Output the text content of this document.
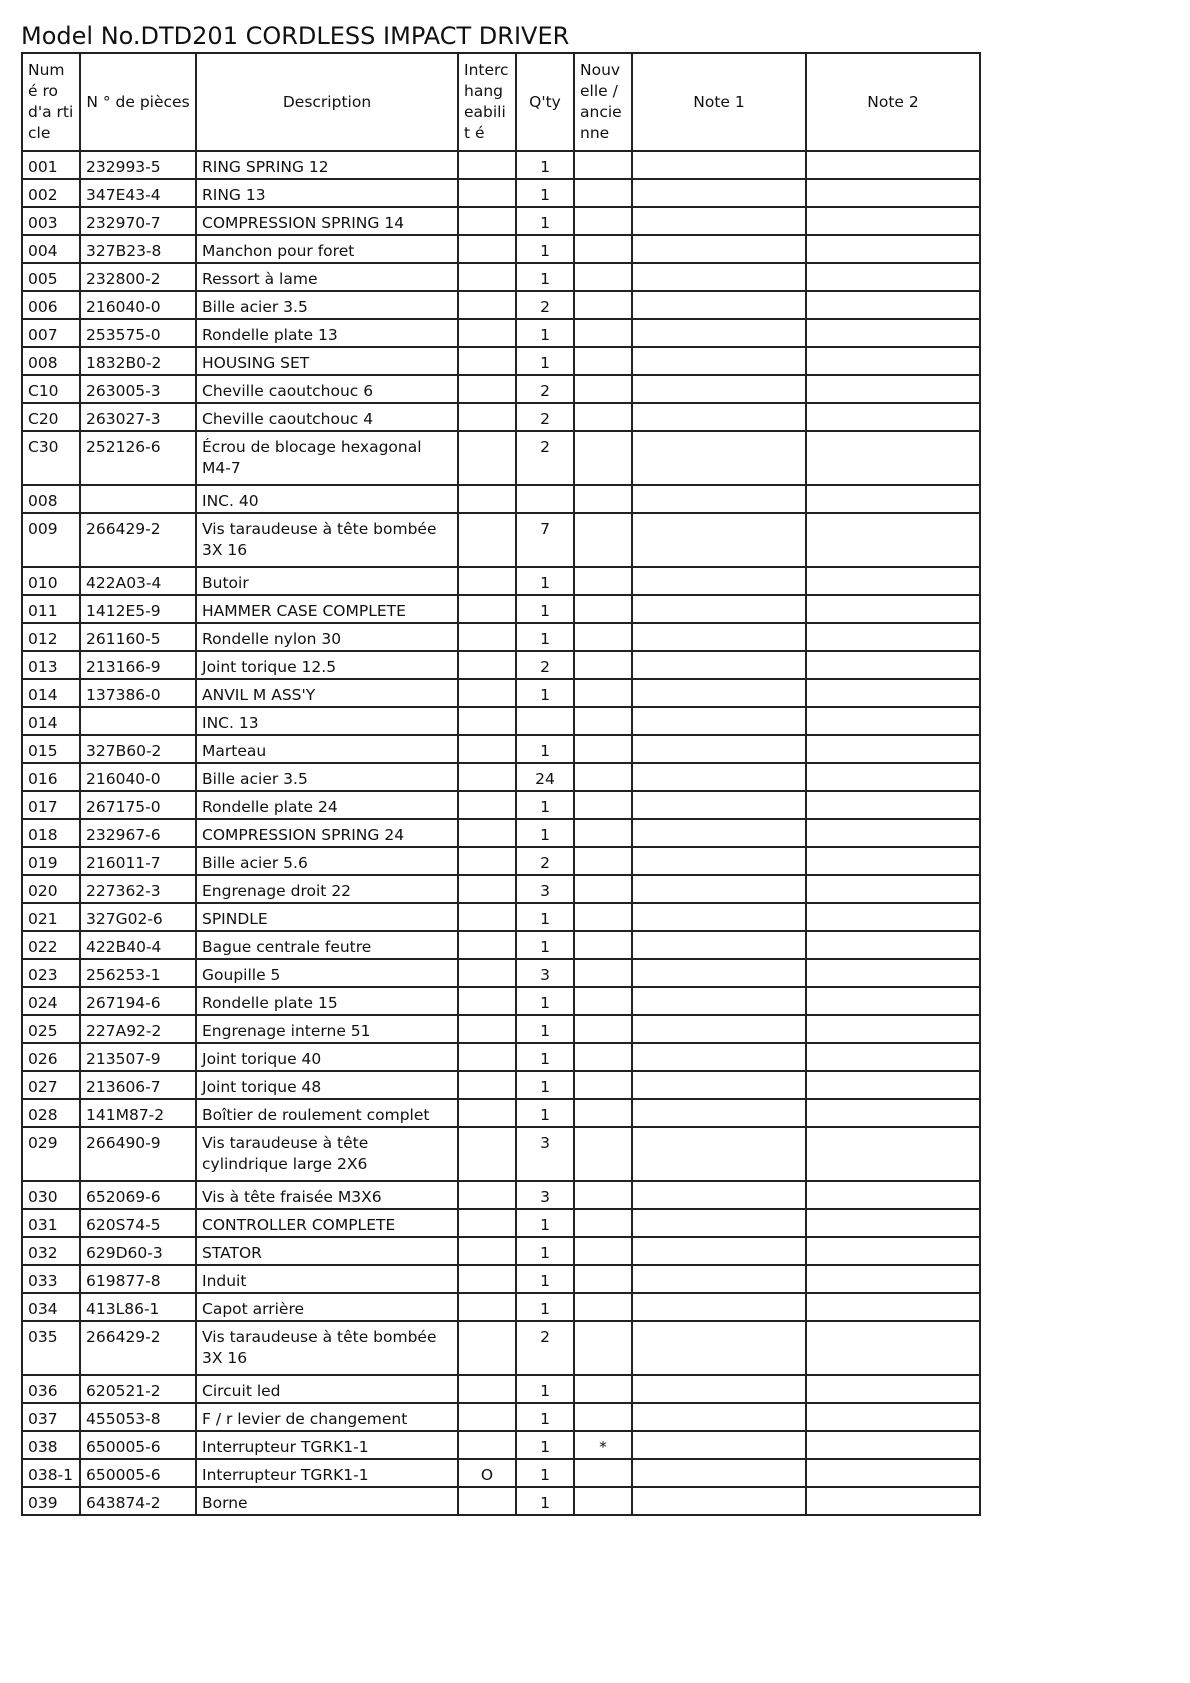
Model No.DTD201 CORDLESS IMPACT DRIVER
Numé ro d'a rticle	N ° de pièces	Description	Interc hang eabilit é	Q'ty	Nouv elle / ancie nne	Note 1	Note 2
001	232993-5	RING SPRING 12		1			
002	347E43-4	RING 13		1			
003	232970-7	COMPRESSION SPRING 14		1			
004	327B23-8	Manchon pour foret		1			
005	232800-2	Ressort à lame		1			
006	216040-0	Bille acier 3.5		2			
007	253575-0	Rondelle plate 13		1			
008	1832B0-2	HOUSING SET		1			
C10	263005-3	Cheville caoutchouc 6		2			
C20	263027-3	Cheville caoutchouc 4		2			
C30	252126-6	Écrou de blocage hexagonal M4-7		2			
008		INC. 40					
009	266429-2	Vis taraudeuse à tête bombée 3X 16		7			
010	422A03-4	Butoir		1			
011	1412E5-9	HAMMER CASE COMPLETE		1			
012	261160-5	Rondelle nylon 30		1			
013	213166-9	Joint torique 12.5		2			
014	137386-0	ANVIL M ASS'Y		1			
014		INC. 13					
015	327B60-2	Marteau		1			
016	216040-0	Bille acier 3.5		24			
017	267175-0	Rondelle plate 24		1			
018	232967-6	COMPRESSION SPRING 24		1			
019	216011-7	Bille acier 5.6		2			
020	227362-3	Engrenage droit 22		3			
021	327G02-6	SPINDLE		1			
022	422B40-4	Bague centrale feutre		1			
023	256253-1	Goupille 5		3			
024	267194-6	Rondelle plate 15		1			
025	227A92-2	Engrenage interne 51		1			
026	213507-9	Joint torique 40		1			
027	213606-7	Joint torique 48		1			
028	141M87-2	Boîtier de roulement complet		1			
029	266490-9	Vis taraudeuse à tête cylindrique large 2X6		3			
030	652069-6	Vis à tête fraisée M3X6		3			
031	620S74-5	CONTROLLER COMPLETE		1			
032	629D60-3	STATOR		1			
033	619877-8	Induit		1			
034	413L86-1	Capot arrière		1			
035	266429-2	Vis taraudeuse à tête bombée 3X 16		2			
036	620521-2	Circuit led		1			
037	455053-8	F / r levier de changement		1			
038	650005-6	Interrupteur TGRK1-1		1	*		
038-1	650005-6	Interrupteur TGRK1-1	O	1			
039	643874-2	Borne		1			
